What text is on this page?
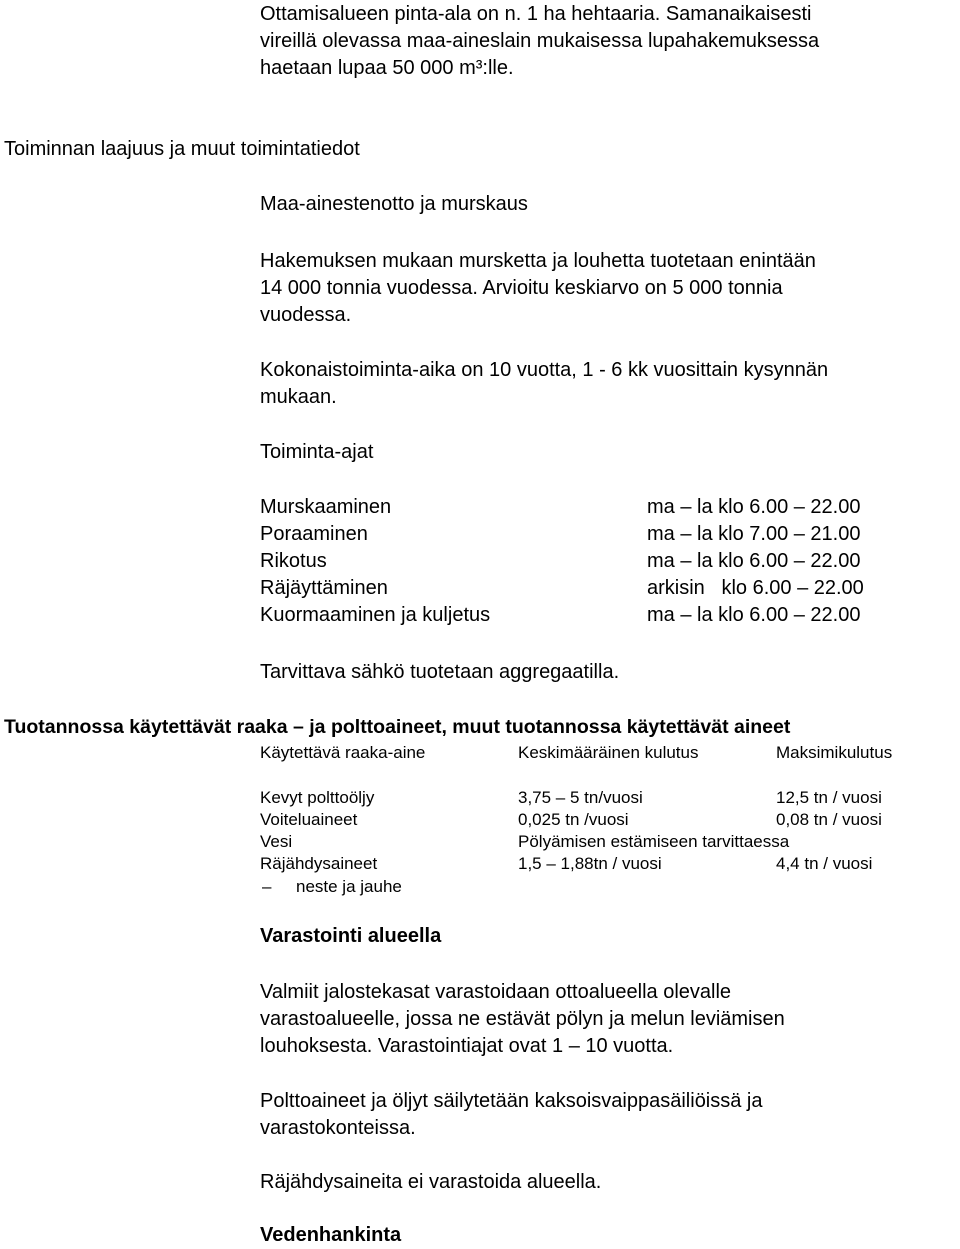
Ottamisalueen pinta-ala on n. 1 ha hehtaaria. Samanaikaisesti
vireillä olevassa maa-aineslain mukaisessa lupahakemuksessa
haetaan lupaa 50 000 m³:lle.
Toiminnan laajuus ja muut toimintatiedot
Maa-ainestenotto ja murskaus
Hakemuksen mukaan mursketta ja louhetta tuotetaan enintään
14 000 tonnia vuodessa. Arvioitu keskiarvo on 5 000 tonnia
vuodessa.
Kokonaistoiminta-aika on 10 vuotta, 1 - 6 kk vuosittain kysynnän
mukaan.
Toiminta-ajat
Murskaaminen	ma – la klo 6.00 – 22.00
Poraaminen	ma – la klo 7.00 – 21.00
Rikotus	ma – la klo 6.00 – 22.00
Räjäyttäminen	arkisin   klo 6.00 – 22.00
Kuormaaminen ja kuljetus	ma – la klo 6.00 – 22.00
Tarvittava sähkö tuotetaan aggregaatilla.
Tuotannossa käytettävät raaka – ja polttoaineet, muut tuotannossa käytettävät aineet
Käytettävä raaka-aine	Keskimääräinen kulutus	Maksimikulutus
Kevyt polttoöljy	3,75 – 5 tn/vuosi	12,5 tn / vuosi
Voiteluaineet	0,025 tn /vuosi	0,08 tn / vuosi
Vesi	Pölyämisen estämiseen tarvittaessa
Räjähdysaineet	1,5 – 1,88tn / vuosi	4,4 tn / vuosi
– neste ja jauhe
Varastointi alueella
Valmiit jalostekasat varastoidaan ottoalueella olevalle
varastoalueelle, jossa ne estävät pölyn ja melun leviämisen
louhoksesta. Varastointiajat ovat 1 – 10 vuotta.
Polttoaineet ja öljyt säilytetään kaksoisvaippasäiliöissä ja
varastokonteissa.
Räjähdysaineita ei varastoida alueella.
Vedenhankinta
